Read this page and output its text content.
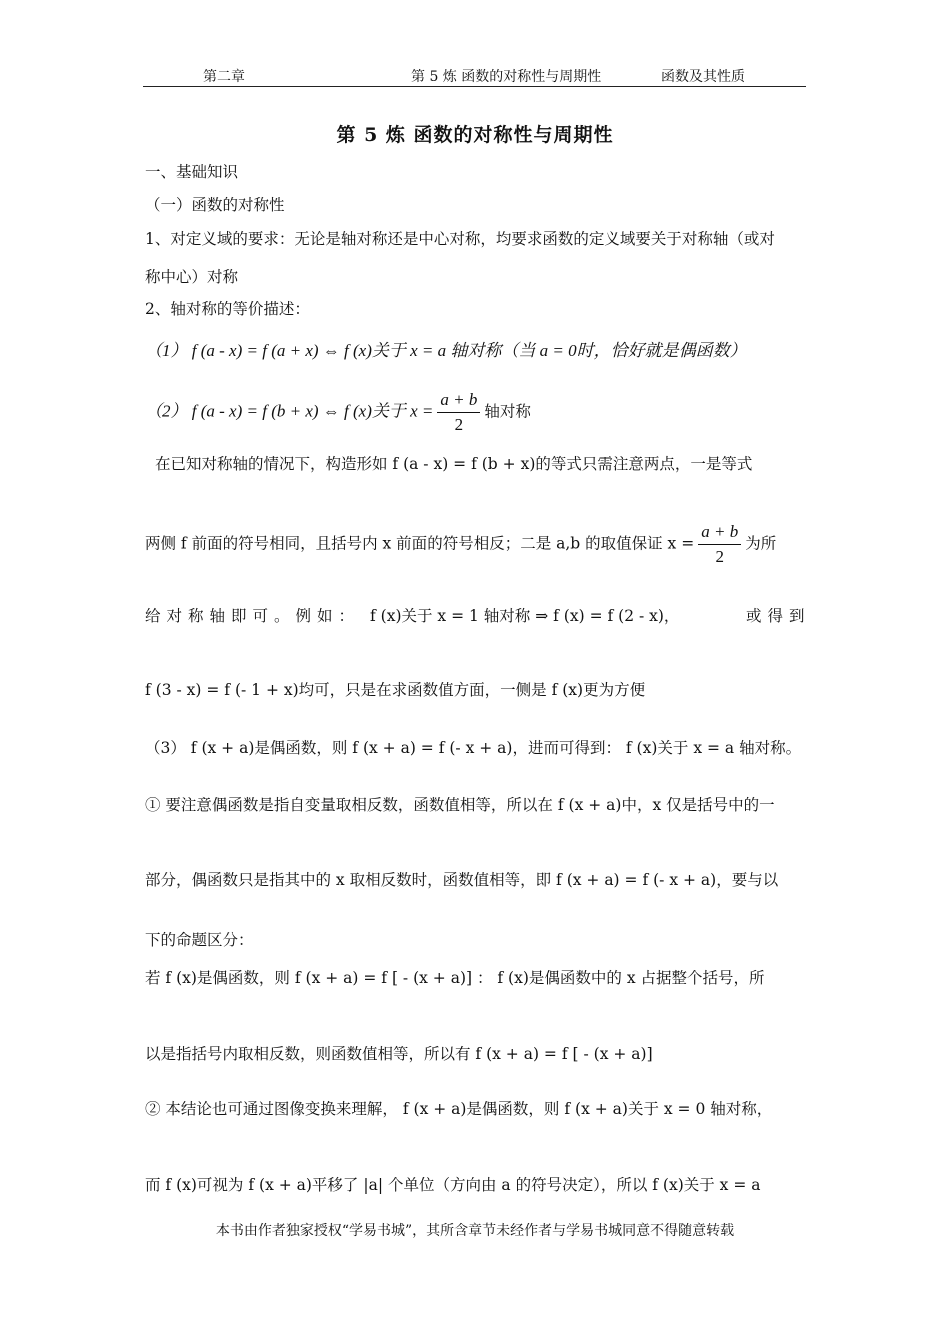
第二章	第 5 炼 函数的对称性与周期性	函数及其性质
第 5 炼 函数的对称性与周期性
一、基础知识
（一）函数的对称性
1、对定义域的要求：无论是轴对称还是中心对称，均要求函数的定义域要关于对称轴（或对
称中心）对称
2、轴对称的等价描述：
（1） f (a - x) = f (a + x) ⇔ f (x)关于 x = a 轴对称（当 a = 0时，恰好就是偶函数）
（2） f (a - x) = f (b + x) ⇔ f (x)关于 $x = \frac{a + b}{2}$ 轴对称
在已知对称轴的情况下，构造形如 f (a - x) = f (b + x)的等式只需注意两点，一是等式
两侧 f 前面的符号相同，且括号内 x 前面的符号相反；二是 a,b 的取值保证 $x = \frac{a + b}{2}$ 为所
给对称轴即可。例如： f (x)关于 x = 1 轴对称 ⇒ f (x) = f (2 - x)，	或得到
f (3 - x) = f (- 1 + x)均可，只是在求函数值方面，一侧是 f (x)更为方便
（3） f (x + a)是偶函数，则 f (x + a) = f (- x + a)，进而可得到： f (x)关于 x = a 轴对称。
① 要注意偶函数是指自变量取相反数，函数值相等，所以在 f (x + a)中，x 仅是括号中的一
部分，偶函数只是指其中的 x 取相反数时，函数值相等，即 f (x + a) = f (- x + a)，要与以
下的命题区分：
若 f (x)是偶函数，则 f (x + a) = f [ - (x + a)] ： f (x)是偶函数中的 x 占据整个括号，所
以是指括号内取相反数，则函数值相等，所以有 f (x + a) = f [ - (x + a)]
② 本结论也可通过图像变换来理解， f (x + a)是偶函数，则 f (x + a)关于 x = 0 轴对称，
而 f (x)可视为 f (x + a)平移了 |a| 个单位（方向由 a 的符号决定），所以 f (x)关于 x = a
本书由作者独家授权“学易书城”，其所含章节未经作者与学易书城同意不得随意转载
